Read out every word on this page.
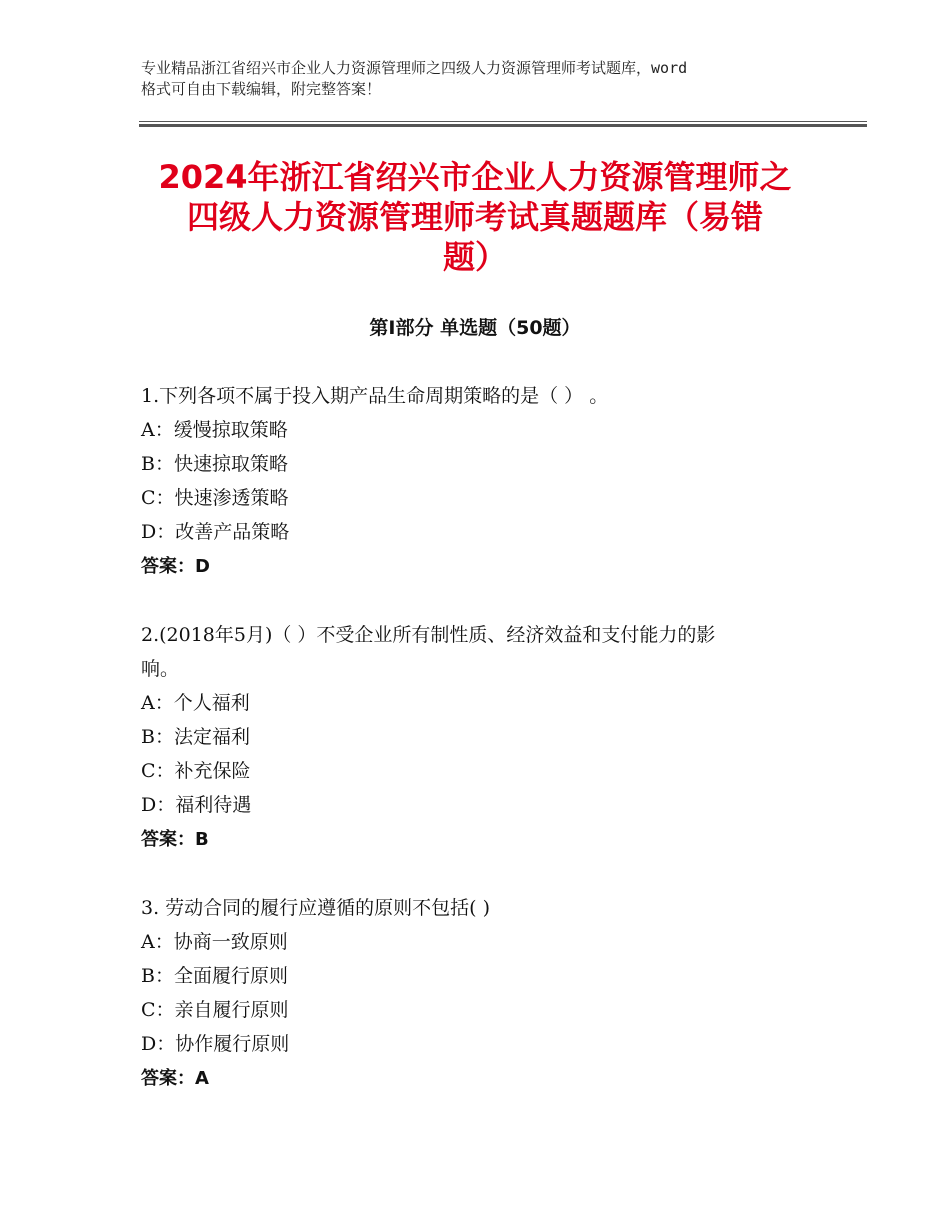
专业精品浙江省绍兴市企业人力资源管理师之四级人力资源管理师考试题库，word
格式可自由下载编辑，附完整答案！
2024年浙江省绍兴市企业人力资源管理师之
四级人力资源管理师考试真题题库（易错
题）
第Ⅰ部分 单选题（50题）
1.下列各项不属于投入期产品生命周期策略的是（ ） 。
A：缓慢掠取策略
B：快速掠取策略
C：快速渗透策略
D：改善产品策略
答案：D
2.(2018年5月)（ ）不受企业所有制性质、经济效益和支付能力的影
响。
A：个人福利
B：法定福利
C：补充保险
D：福利待遇
答案：B
3. 劳动合同的履行应遵循的原则不包括( )
A：协商一致原则
B：全面履行原则
C：亲自履行原则
D：协作履行原则
答案：A
